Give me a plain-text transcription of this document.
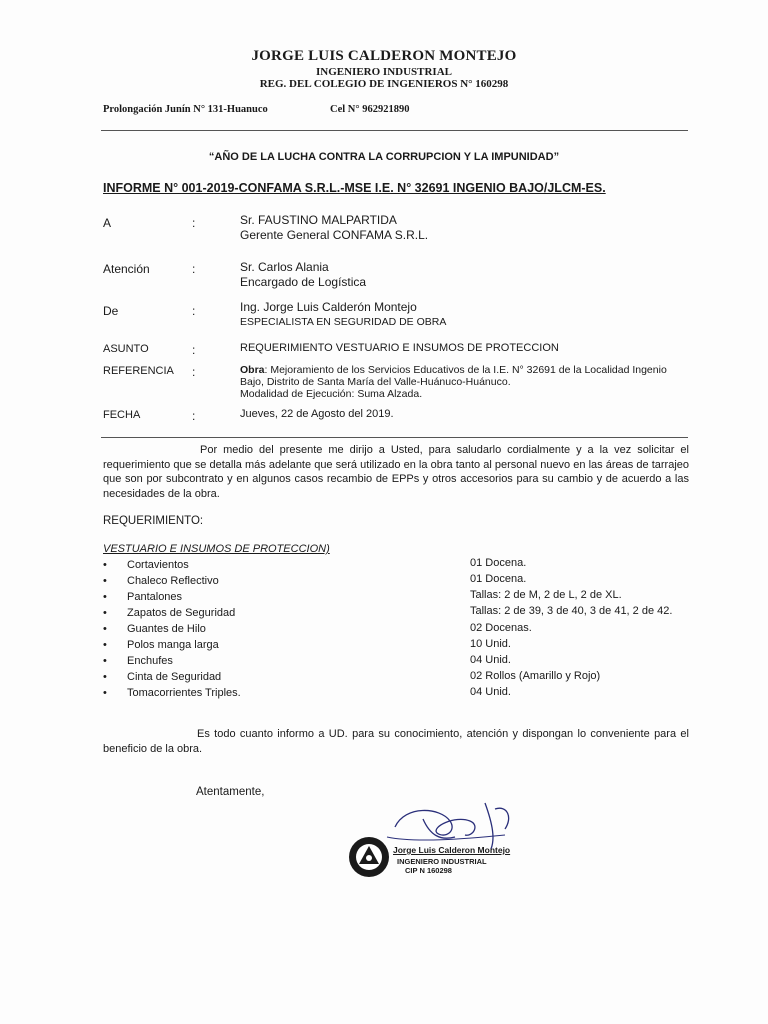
JORGE LUIS CALDERON MONTEJO
INGENIERO INDUSTRIAL
REG. DEL COLEGIO DE INGENIEROS N° 160298
Prolongación Junín N° 131-Huanuco	Cel N° 962921890
“AÑO DE LA LUCHA CONTRA LA CORRUPCION Y LA IMPUNIDAD”
INFORME N° 001-2019-CONFAMA S.R.L.-MSE I.E. N° 32691 INGENIO BAJO/JLCM-ES.
A	:	Sr. FAUSTINO MALPARTIDA
Gerente General CONFAMA S.R.L.
Atención	:	Sr. Carlos Alania
Encargado de Logística
De	:	Ing. Jorge Luis Calderón Montejo
ESPECIALISTA EN SEGURIDAD DE OBRA
ASUNTO	:	REQUERIMIENTO VESTUARIO E INSUMOS DE PROTECCION
REFERENCIA :	Obra: Mejoramiento de los Servicios Educativos de la I.E. N° 32691 de la Localidad Ingenio
Bajo, Distrito de Santa María del Valle-Huánuco-Huánuco.
Modalidad de Ejecución: Suma Alzada.
FECHA	:	Jueves, 22 de Agosto del 2019.
Por medio del presente me dirijo a Usted, para saludarlo cordialmente y a la vez solicitar el requerimiento que se detalla más adelante que será utilizado en la obra tanto al personal nuevo en las áreas de tarrajeo que son por subcontrato y en algunos casos recambio de EPPs y otros accesorios para su cambio y de acuerdo a las necesidades de la obra.
REQUERIMIENTO:
VESTUARIO E INSUMOS DE PROTECCION)
• Cortavientos	01 Docena.
• Chaleco Reflectivo	01 Docena.
• Pantalones	Tallas: 2 de M, 2 de L, 2 de XL.
• Zapatos de Seguridad	Tallas: 2 de 39, 3 de 40, 3 de 41, 2 de 42.
• Guantes de Hilo	02 Docenas.
• Polos manga larga	10 Unid.
• Enchufes	04 Unid.
• Cinta de Seguridad	02 Rollos (Amarillo y Rojo)
• Tomacorrientes Triples.	04 Unid.
Es todo cuanto informo a UD. para su conocimiento, atención y dispongan lo conveniente para el beneficio de la obra.
Atentamente,
Jorge Luis Calderon Montejo
INGENIERO INDUSTRIAL
CIP N 160298
